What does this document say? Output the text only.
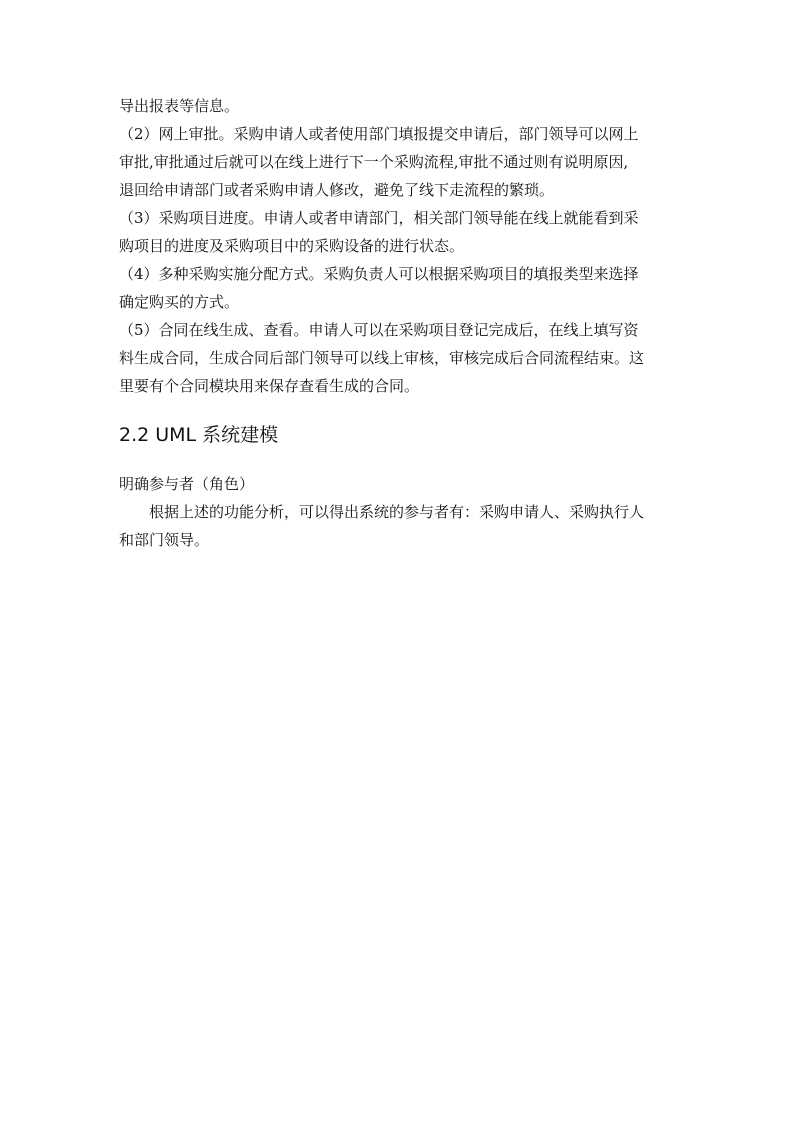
导出报表等信息。
（2）网上审批。采购申请人或者使用部门填报提交申请后，部门领导可以网上
审批,审批通过后就可以在线上进行下一个采购流程,审批不通过则有说明原因,
退回给申请部门或者采购申请人修改，避免了线下走流程的繁琐。
（3）采购项目进度。申请人或者申请部门，相关部门领导能在线上就能看到采
购项目的进度及采购项目中的采购设备的进行状态。
（4）多种采购实施分配方式。采购负责人可以根据采购项目的填报类型来选择
确定购买的方式。
（5）合同在线生成、查看。申请人可以在采购项目登记完成后，在线上填写资
料生成合同，生成合同后部门领导可以线上审核，审核完成后合同流程结束。这
里要有个合同模块用来保存查看生成的合同。
2.2 UML 系统建模
明确参与者（角色）
根据上述的功能分析，可以得出系统的参与者有：采购申请人、采购执行人
和部门领导。
